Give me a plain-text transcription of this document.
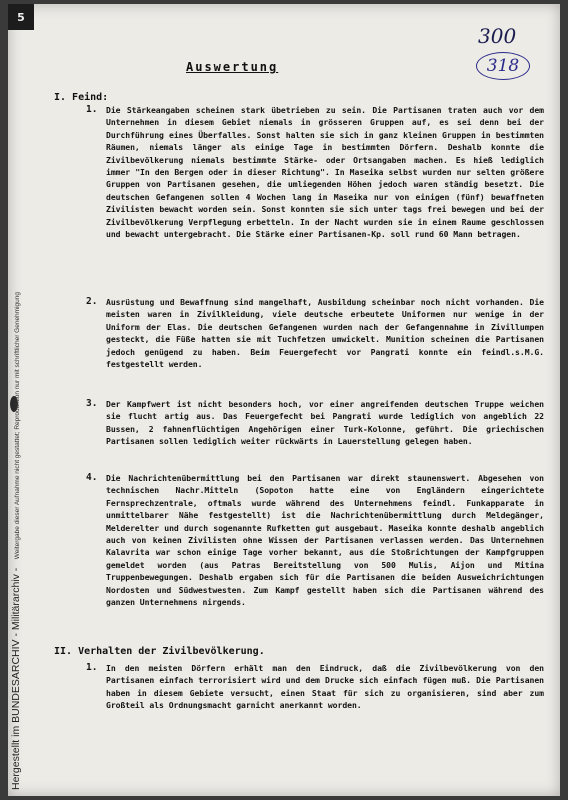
5
Hergestellt im BUNDESARCHIV - Militärarchiv - Weitergabe dieser Aufnahme nicht gestattet; Reproduktion nur mit schriftlicher Genehmigung
300
318
Auswertung
I. Feind:
1.	Die Stärkeangaben scheinen stark übetrieben zu sein. Die Partisanen traten auch vor dem Unternehmen in diesem Gebiet niemals in grösseren Gruppen auf, es sei denn bei der Durchführung eines Überfalles. Sonst halten sie sich in ganz kleinen Gruppen in bestimmten Räumen, niemals länger als einige Tage in bestimmten Dörfern. Deshalb konnte die Zivilbevölkerung niemals bestimmte Stärke- oder Ortsangaben machen. Es hieß lediglich immer "In den Bergen oder in dieser Richtung". In Maseika selbst wurden nur selten größere Gruppen von Partisanen gesehen, die umliegenden Höhen jedoch waren ständig besetzt. Die deutschen Gefangenen sollen 4 Wochen lang in Maseika nur von einigen (fünf) bewaffneten Zivilisten bewacht worden sein. Sonst konnten sie sich unter tags frei bewegen und bei der Zivilbevölkerung Verpflegung erbetteln. In der Nacht wurden sie in einem Raume geschlossen und bewacht untergebracht. Die Stärke einer Partisanen-Kp. soll rund 60 Mann betragen.
2.	Ausrüstung und Bewaffnung sind mangelhaft, Ausbildung scheinbar noch nicht vorhanden. Die meisten waren in Zivilkleidung, viele deutsche erbeutete Uniformen nur wenige in der Uniform der Elas. Die deutschen Gefangenen wurden nach der Gefangennahme in Zivillumpen gesteckt, die Füße hatten sie mit Tuchfetzen umwickelt. Munition scheinen die Partisanen jedoch genügend zu haben. Beim Feuergefecht vor Pangrati konnte ein feindl.s.M.G. festgestellt werden.
3.	Der Kampfwert ist nicht besonders hoch, vor einer angreifenden deutschen Truppe weichen sie flucht artig aus. Das Feuergefecht bei Pangrati wurde lediglich von angeblich 22 Bussen, 2 fahnenflüchtigen Angehörigen einer Turk-Kolonne, geführt. Die griechischen Partisanen sollen lediglich weiter rückwärts in Lauerstellung gelegen haben.
4.	Die Nachrichtenübermittlung bei den Partisanen war direkt staunenswert. Abgesehen von technischen Nachr.Mitteln (Sopoton hatte eine von Engländern eingerichtete Fernsprechzentrale, oftmals wurde während des Unternehmens feindl. Funkapparate in unmittelbarer Nähe festgestellt) ist die Nachrichtenübermittlung durch Meldegänger, Melderelter und durch sogenannte Rufketten gut ausgebaut. Maseika konnte deshalb angeblich auch von keinen Zivilisten ohne Wissen der Partisanen verlassen werden. Das Unternehmen Kalavrita war schon einige Tage vorher bekannt, aus die Stoßrichtungen der Kampfgruppen gemeldet worden (aus Patras Bereitstellung von 500 Mulis, Aijon und Mitina Truppenbewegungen. Deshalb ergaben sich für die Partisanen die beiden Ausweichrichtungen Nordosten und Südwestwesten. Zum Kampf gestellt haben sich die Partisanen während des ganzen Unternehmens nirgends.
II. Verhalten der Zivilbevölkerung.
1.	In den meisten Dörfern erhält man den Eindruck, daß die Zivilbevölkerung von den Partisanen einfach terrorisiert wird und dem Drucke sich einfach fügen muß. Die Partisanen haben in diesem Gebiete versucht, einen Staat für sich zu organisieren, sind aber zum Großteil als Ordnungsmacht garnicht anerkannt worden.
